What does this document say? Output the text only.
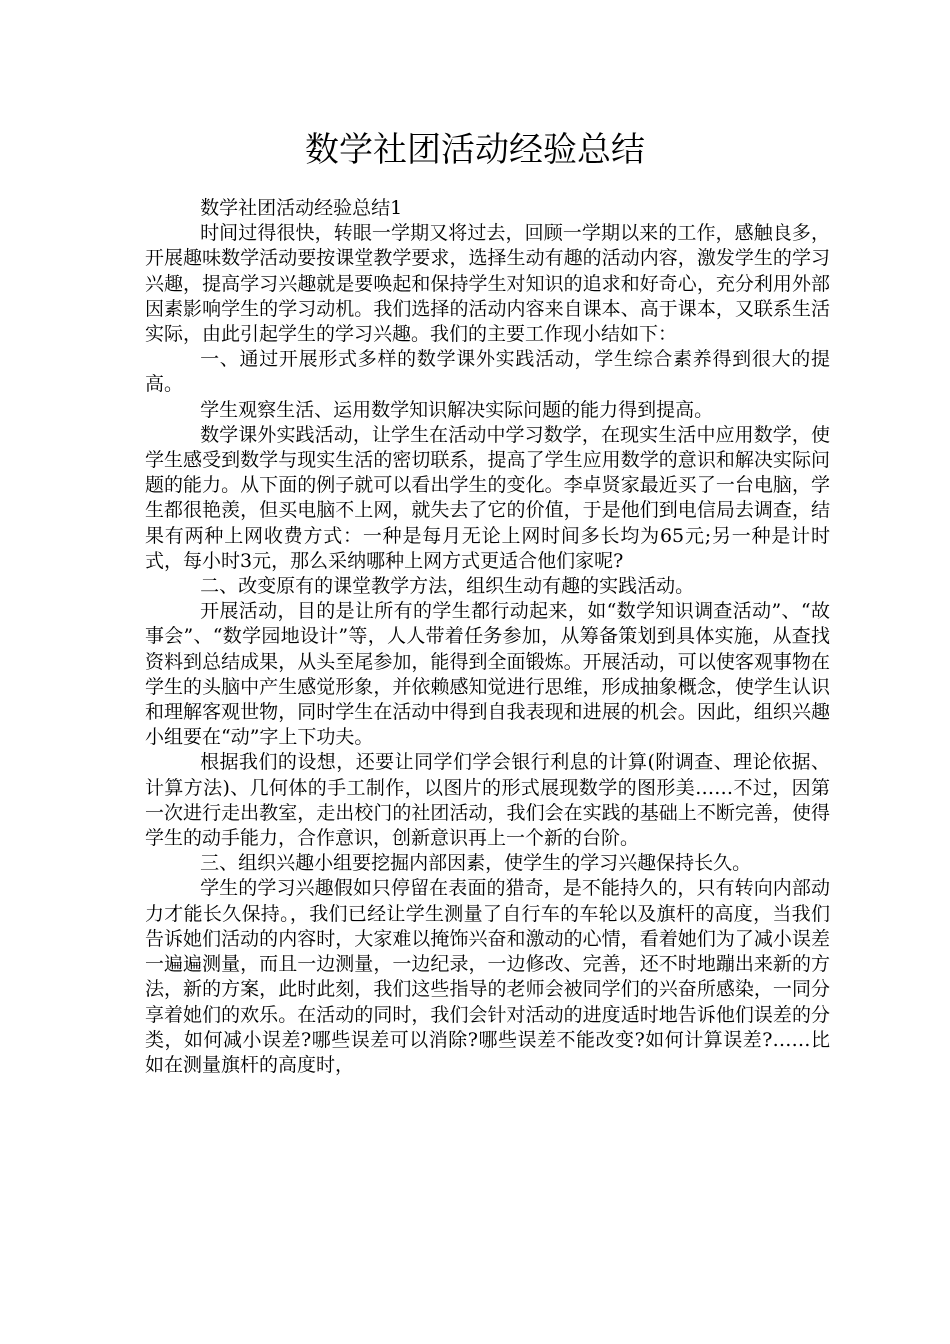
数学社团活动经验总结

数学社团活动经验总结1

时间过得很快，转眼一学期又将过去，回顾一学期以来的工作，感触良多，开展趣味数学活动要按课堂教学要求，选择生动有趣的活动内容，激发学生的学习兴趣，提高学习兴趣就是要唤起和保持学生对知识的追求和好奇心，充分利用外部因素影响学生的学习动机。我们选择的活动内容来自课本、高于课本，又联系生活实际，由此引起学生的学习兴趣。我们的主要工作现小结如下：

一、通过开展形式多样的数学课外实践活动，学生综合素养得到很大的提高。

学生观察生活、运用数学知识解决实际问题的能力得到提高。

数学课外实践活动，让学生在活动中学习数学，在现实生活中应用数学，使学生感受到数学与现实生活的密切联系，提高了学生应用数学的意识和解决实际问题的能力。从下面的例子就可以看出学生的变化。李卓贤家最近买了一台电脑，学生都很艳羡，但买电脑不上网，就失去了它的价值，于是他们到电信局去调查，结果有两种上网收费方式：一种是每月无论上网时间多长均为65元;另一种是计时式，每小时3元，那么采纳哪种上网方式更适合他们家呢?

二、改变原有的课堂教学方法，组织生动有趣的实践活动。

开展活动，目的是让所有的学生都行动起来，如“数学知识调查活动”、“故事会”、“数学园地设计”等，人人带着任务参加，从筹备策划到具体实施，从查找资料到总结成果，从头至尾参加，能得到全面锻炼。开展活动，可以使客观事物在学生的头脑中产生感觉形象，并依赖感知觉进行思维，形成抽象概念，使学生认识和理解客观世物，同时学生在活动中得到自我表现和进展的机会。因此，组织兴趣小组要在“动”字上下功夫。

根据我们的设想，还要让同学们学会银行利息的计算(附调查、理论依据、计算方法)、几何体的手工制作，以图片的形式展现数学的图形美……不过，因第一次进行走出教室，走出校门的社团活动，我们会在实践的基础上不断完善，使得学生的动手能力，合作意识，创新意识再上一个新的台阶。

三、组织兴趣小组要挖掘内部因素，使学生的学习兴趣保持长久。

学生的学习兴趣假如只停留在表面的猎奇，是不能持久的，只有转向内部动力才能长久保持。，我们已经让学生测量了自行车的车轮以及旗杆的高度，当我们告诉她们活动的内容时，大家难以掩饰兴奋和激动的心情，看着她们为了减小误差一遍遍测量，而且一边测量，一边纪录，一边修改、完善，还不时地蹦出来新的方法，新的方案，此时此刻，我们这些指导的老师会被同学们的兴奋所感染，一同分享着她们的欢乐。在活动的同时，我们会针对活动的进度适时地告诉他们误差的分类，如何减小误差?哪些误差可以消除?哪些误差不能改变?如何计算误差?……比如在测量旗杆的高度时，
